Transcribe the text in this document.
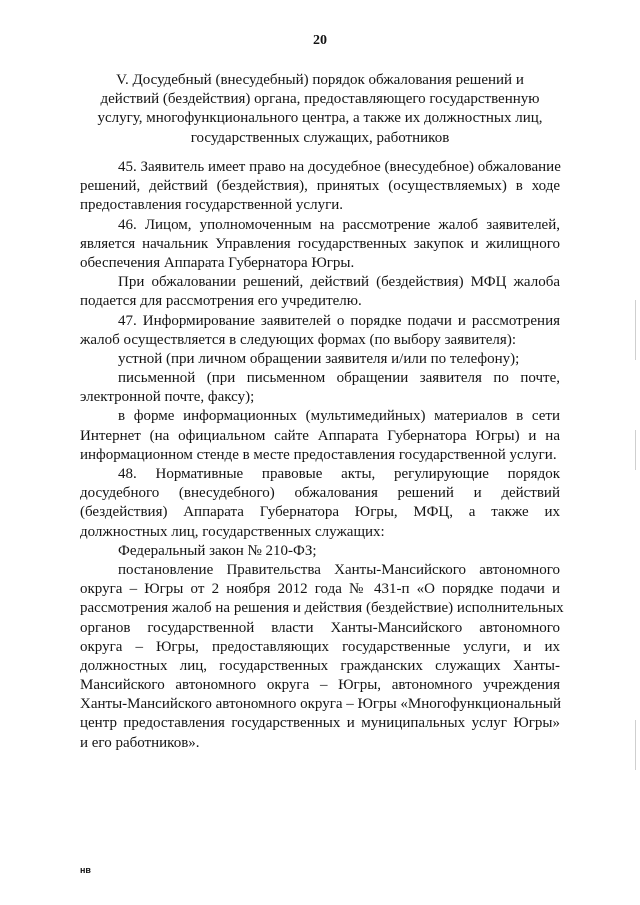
20
V. Досудебный (внесудебный) порядок обжалования решений и
действий (бездействия) органа, предоставляющего государственную
услугу, многофункционального центра, а также их должностных лиц,
государственных служащих, работников
45. Заявитель имеет право на досудебное (внесудебное) обжалование
решений, действий (бездействия), принятых (осуществляемых) в ходе
предоставления государственной услуги.
46. Лицом, уполномоченным на рассмотрение жалоб заявителей,
является начальник Управления государственных закупок и жилищного
обеспечения Аппарата Губернатора Югры.
При обжаловании решений, действий (бездействия) МФЦ жалоба
подается для рассмотрения его учредителю.
47. Информирование заявителей о порядке подачи и рассмотрения
жалоб осуществляется в следующих формах (по выбору заявителя):
устной (при личном обращении заявителя и/или по телефону);
письменной (при письменном обращении заявителя по почте,
электронной почте, факсу);
в форме информационных (мультимедийных) материалов в сети
Интернет (на официальном сайте Аппарата Губернатора Югры) и на
информационном стенде в месте предоставления государственной услуги.
48. Нормативные правовые акты, регулирующие порядок
досудебного (внесудебного) обжалования решений и действий
(бездействия) Аппарата Губернатора Югры, МФЦ, а также их
должностных лиц, государственных служащих:
Федеральный закон № 210-ФЗ;
постановление Правительства Ханты-Мансийского автономного
округа – Югры от 2 ноября 2012 года № 431-п «О порядке подачи и
рассмотрения жалоб на решения и действия (бездействие) исполнительных
органов государственной власти Ханты-Мансийского автономного
округа – Югры, предоставляющих государственные услуги, и их
должностных лиц, государственных гражданских служащих Ханты-
Мансийского автономного округа – Югры, автономного учреждения
Ханты-Мансийского автономного округа – Югры «Многофункциональный
центр предоставления государственных и муниципальных услуг Югры»
и его работников».
нв
